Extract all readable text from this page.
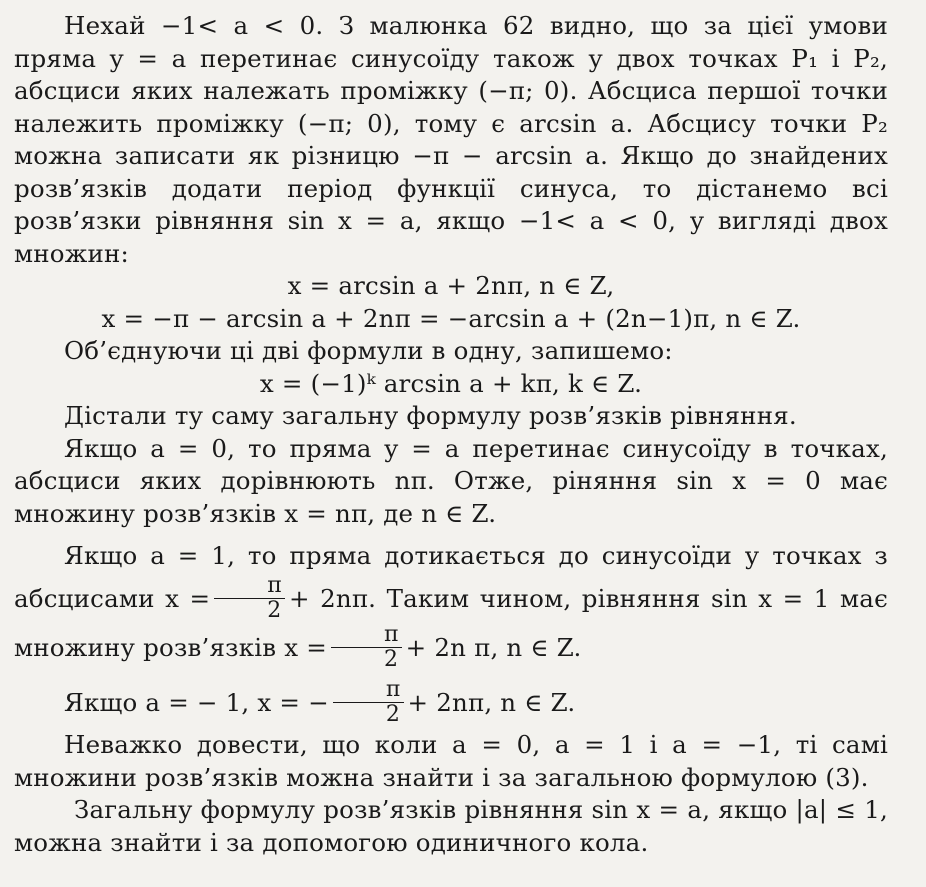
Нехай −1< a < 0. З малюнка 62 видно, що за цієї умови пряма y = a перетинає синусоїду також у двох точках P₁ і P₂, абсциси яких належать проміжку (−π; 0). Абсциса першої точки належить проміжку (−π; 0), тому є arcsin a. Абсцису точки P₂ можна записати як різницю −π − arcsin a. Якщо до знайдених розв’язків додати період функції синуса, то дістанемо всі розв’язки рівняння sin x = a, якщо −1< a < 0, у вигляді двох множин:

x = arcsin a + 2nπ, n ∈ Z,

x = −π − arcsin a + 2nπ = −arcsin a + (2n−1)π, n ∈ Z.

Об’єднуючи ці дві формули в одну, запишемо:

x = (−1)ᵏ arcsin a + kπ, k ∈ Z.

Дістали ту саму загальну формулу розв’язків рівняння.

Якщо a = 0, то пряма y = a перетинає синусоїду в точках, абсциси яких дорівнюють nπ. Отже, ріняння sin x = 0 має множину розв’язків x = nπ, де n ∈ Z.

Якщо a = 1, то пряма дотикається до синусоїди у точках з абсцисами $x = \frac{\pi}{2} + 2n\pi$. Таким чином, рівняння sin x = 1 має множину розв’язків $x = \frac{\pi}{2} + 2n$ π, n ∈ Z.

Якщо a = − 1, x = − $\frac{\pi}{2} + 2n\pi$, n ∈ Z.

Неважко довести, що коли a = 0, a = 1 і a = −1, ті самі множини розв’язків можна знайти і за загальною формулою (3).

Загальну формулу розв’язків рівняння sin x = a, якщо |a| ≤ 1, можна знайти і за допомогою одиничного кола.
